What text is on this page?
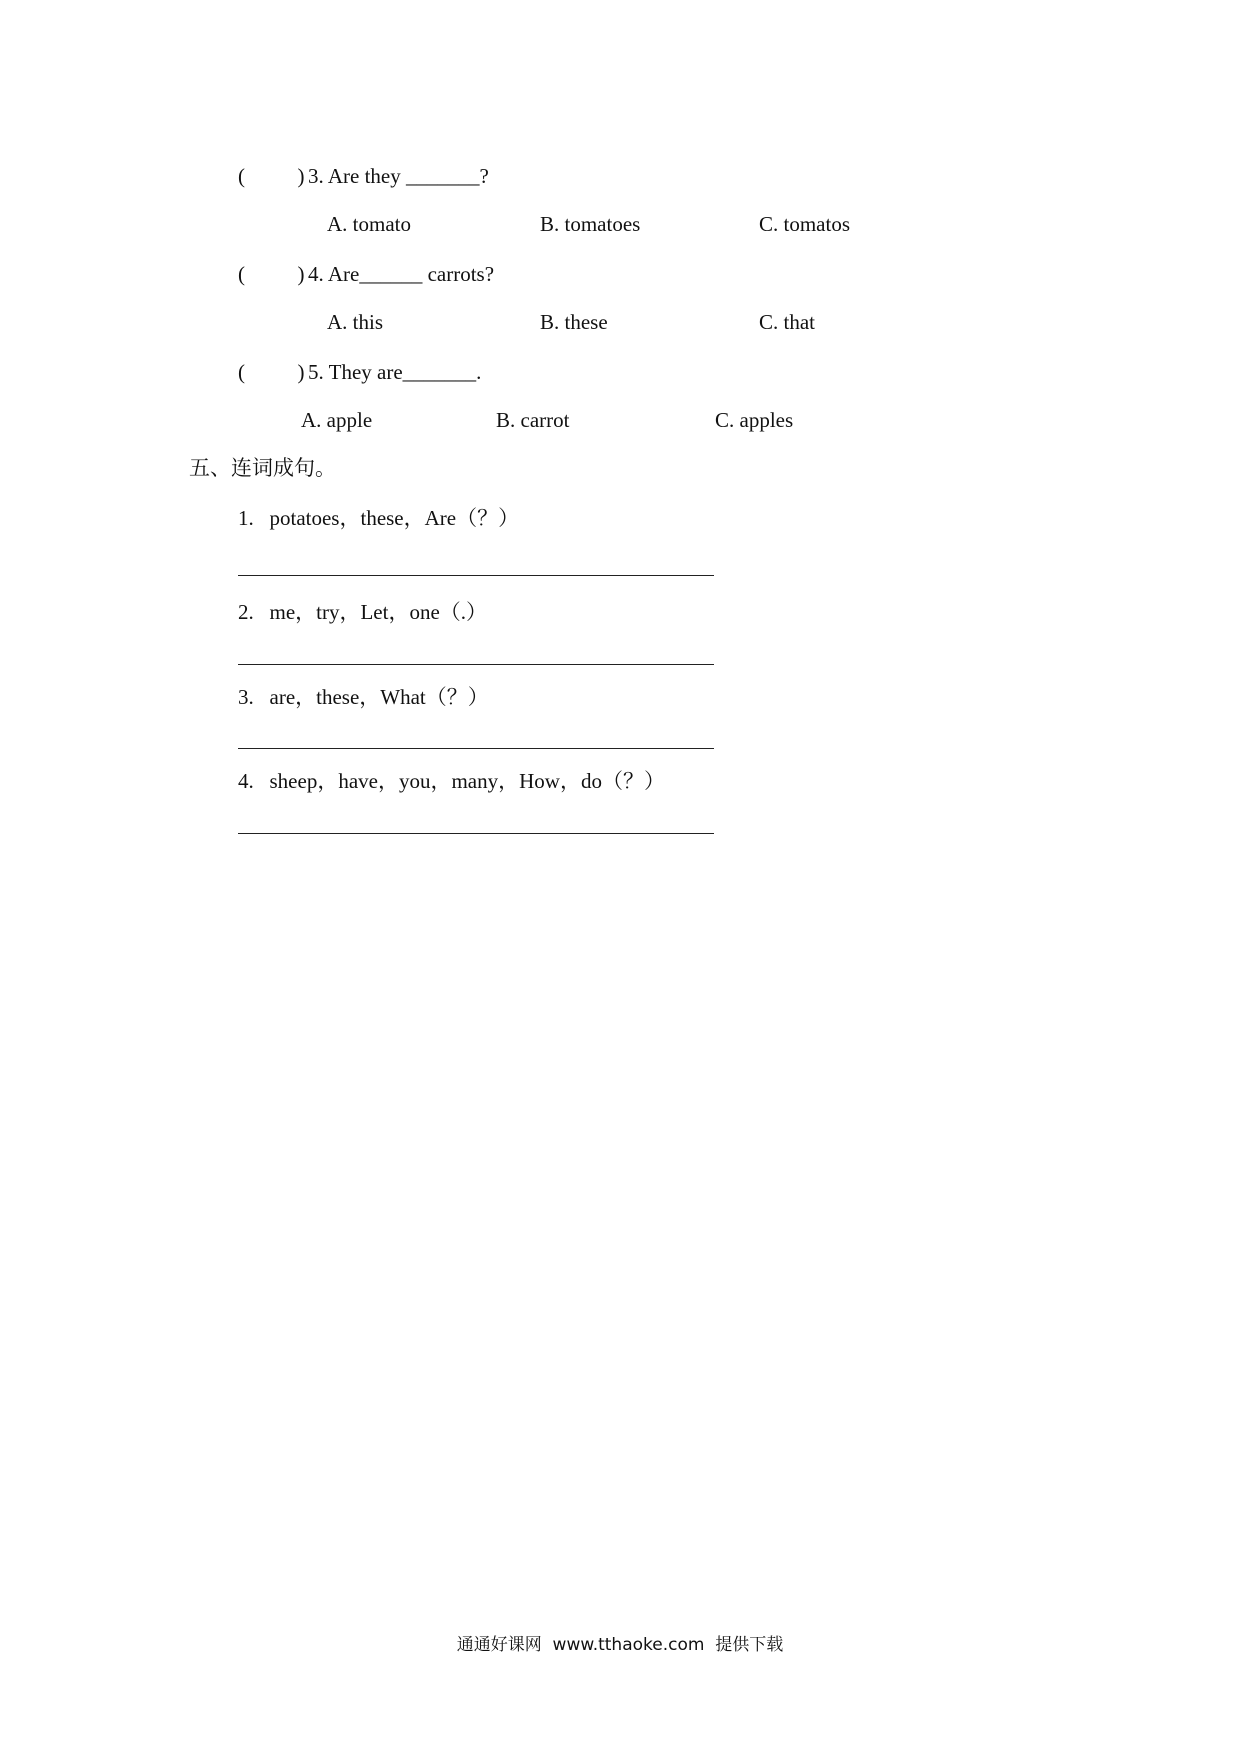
(          ) 3. Are they _______?
A. tomato	B. tomatoes	C. tomatos
(          ) 4. Are______ carrots?
A. this	B. these	C. that
(          ) 5. They are_______.
A. apple	B. carrot	C. apples
五、连词成句。
1.   potatoes，these，Are（？）
2.   me，try，Let，one（.）
3.   are，these，What（？）
4.   sheep，have，you，many，How，do（？）
通通好课网  www.tthaoke.com  提供下载
